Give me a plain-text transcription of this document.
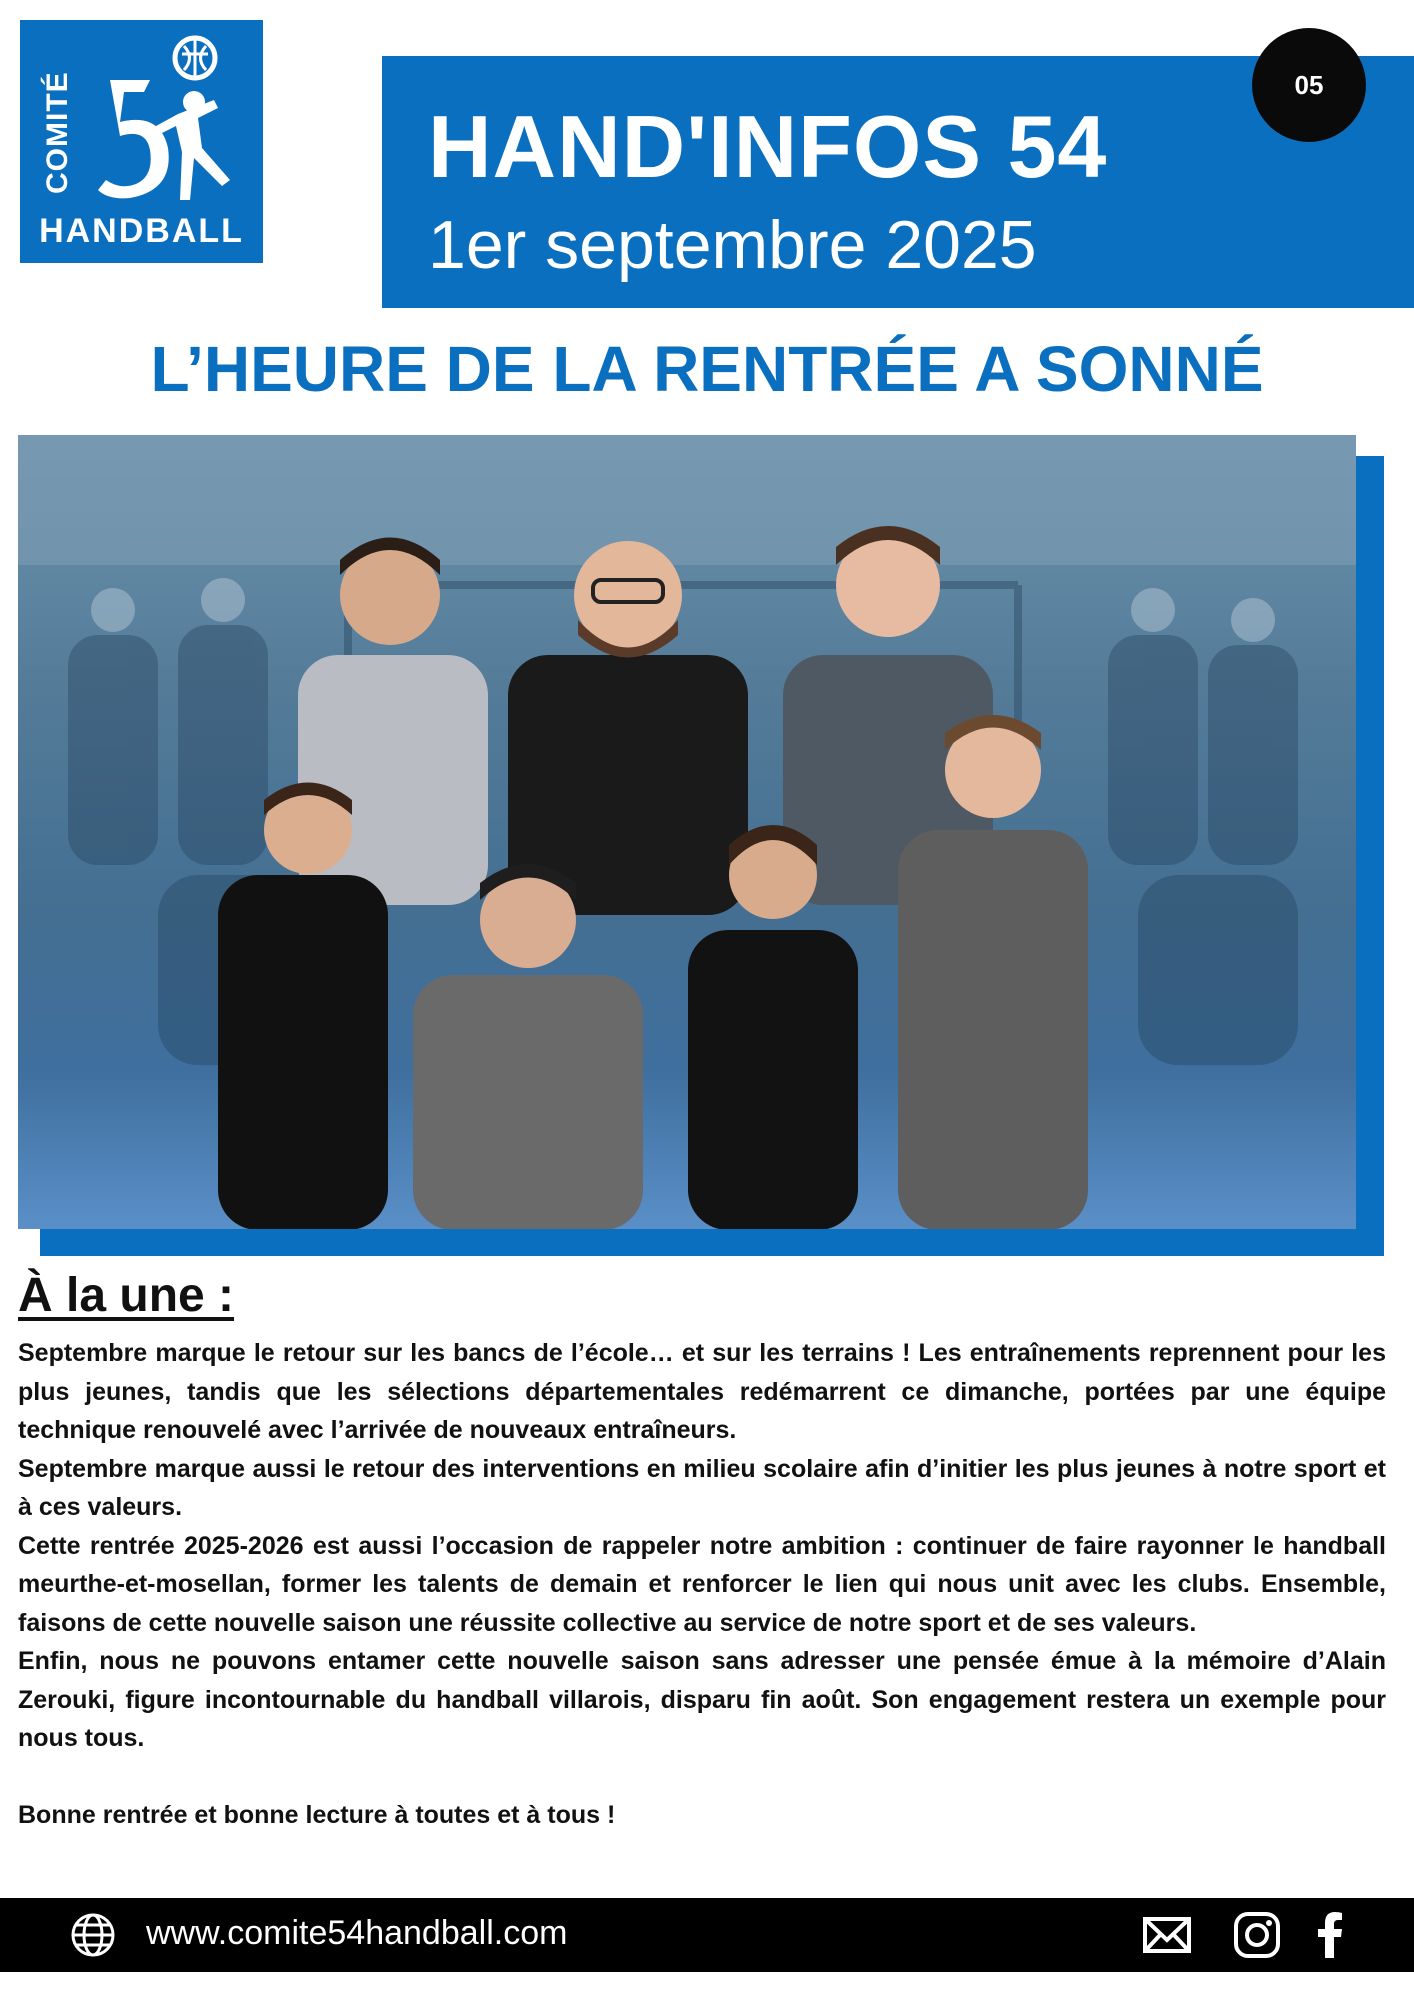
COMITÉ
HANDBALL
HAND'INFOS 54
1er septembre 2025
05
L’HEURE DE LA RENTRÉE A SONNÉ
À la une :

Septembre marque le retour sur les bancs de l’école… et sur les terrains ! Les entraînements reprennent pour les plus jeunes, tandis que les sélections départementales redémarrent ce dimanche, portées par une équipe technique renouvelé avec l’arrivée de nouveaux entraîneurs.

Septembre marque aussi le retour des interventions en milieu scolaire afin d’initier les plus jeunes à notre sport et à ces valeurs.

Cette rentrée 2025-2026 est aussi l’occasion de rappeler notre ambition : continuer de faire rayonner le handball meurthe-et-mosellan, former les talents de demain et renforcer le lien qui nous unit avec les clubs. Ensemble, faisons de cette nouvelle saison une réussite collective au service de notre sport et de ses valeurs.

Enfin, nous ne pouvons entamer cette nouvelle saison sans adresser une pensée émue à la mémoire d’Alain Zerouki, figure incontournable du handball villarois, disparu fin août. Son engagement restera un exemple pour nous tous.

Bonne rentrée et bonne lecture à toutes et à tous !

www.comite54handball.com
